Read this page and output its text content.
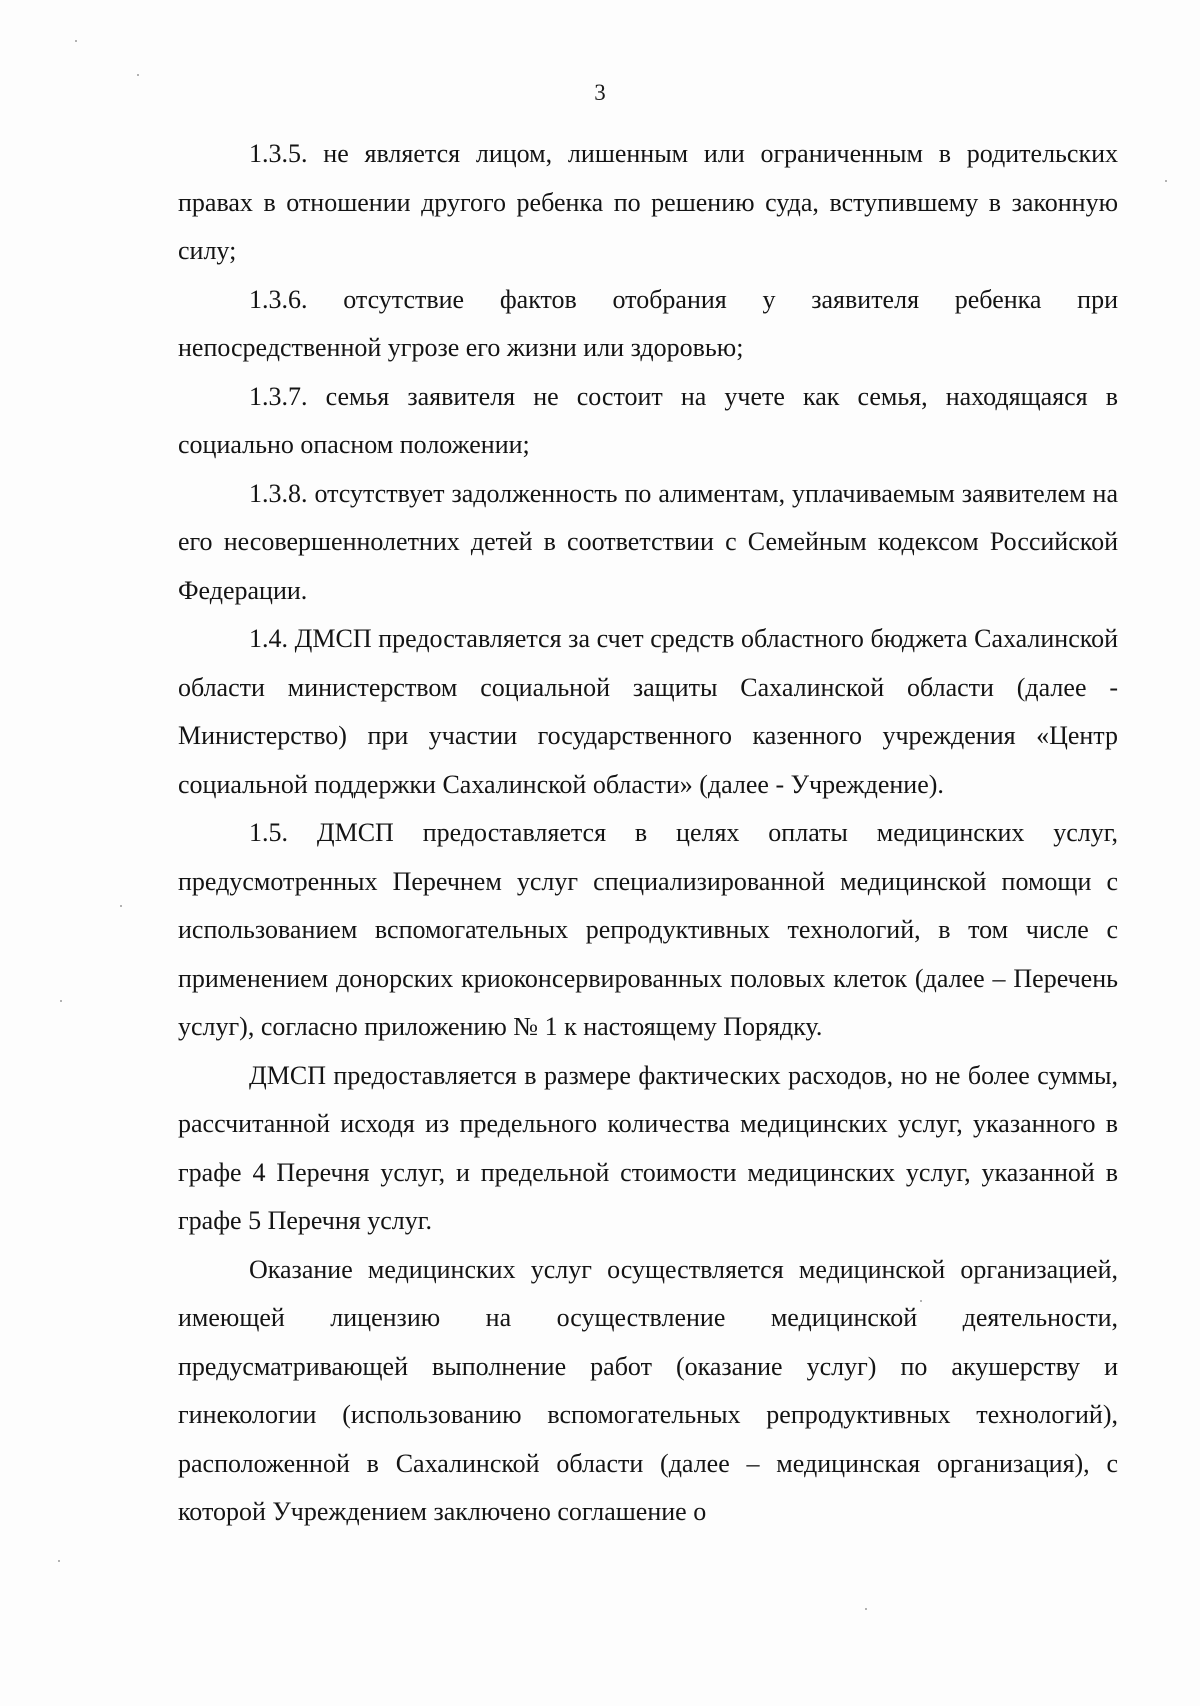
3

1.3.5. не является лицом, лишенным или ограниченным в родительских правах в отношении другого ребенка по решению суда, вступившему в законную силу;

1.3.6. отсутствие фактов отобрания у заявителя ребенка при непосредственной угрозе его жизни или здоровью;

1.3.7. семья заявителя не состоит на учете как семья, находящаяся в социально опасном положении;

1.3.8. отсутствует задолженность по алиментам, уплачиваемым заявителем на его несовершеннолетних детей в соответствии с Семейным кодексом Российской Федерации.

1.4. ДМСП предоставляется за счет средств областного бюджета Сахалинской области министерством социальной защиты Сахалинской области (далее - Министерство) при участии государственного казенного учреждения «Центр социальной поддержки Сахалинской области» (далее - Учреждение).

1.5. ДМСП предоставляется в целях оплаты медицинских услуг, предусмотренных Перечнем услуг специализированной медицинской помощи с использованием вспомогательных репродуктивных технологий, в том числе с применением донорских криоконсервированных половых клеток (далее – Перечень услуг), согласно приложению № 1 к настоящему Порядку.

ДМСП предоставляется в размере фактических расходов, но не более суммы, рассчитанной исходя из предельного количества медицинских услуг, указанного в графе 4 Перечня услуг, и предельной стоимости медицинских услуг, указанной в графе 5 Перечня услуг.

Оказание медицинских услуг осуществляется медицинской организацией, имеющей лицензию на осуществление медицинской деятельности, предусматривающей выполнение работ (оказание услуг) по акушерству и гинекологии (использованию вспомогательных репродуктивных технологий), расположенной в Сахалинской области (далее – медицинская организация), с которой Учреждением заключено соглашение о
